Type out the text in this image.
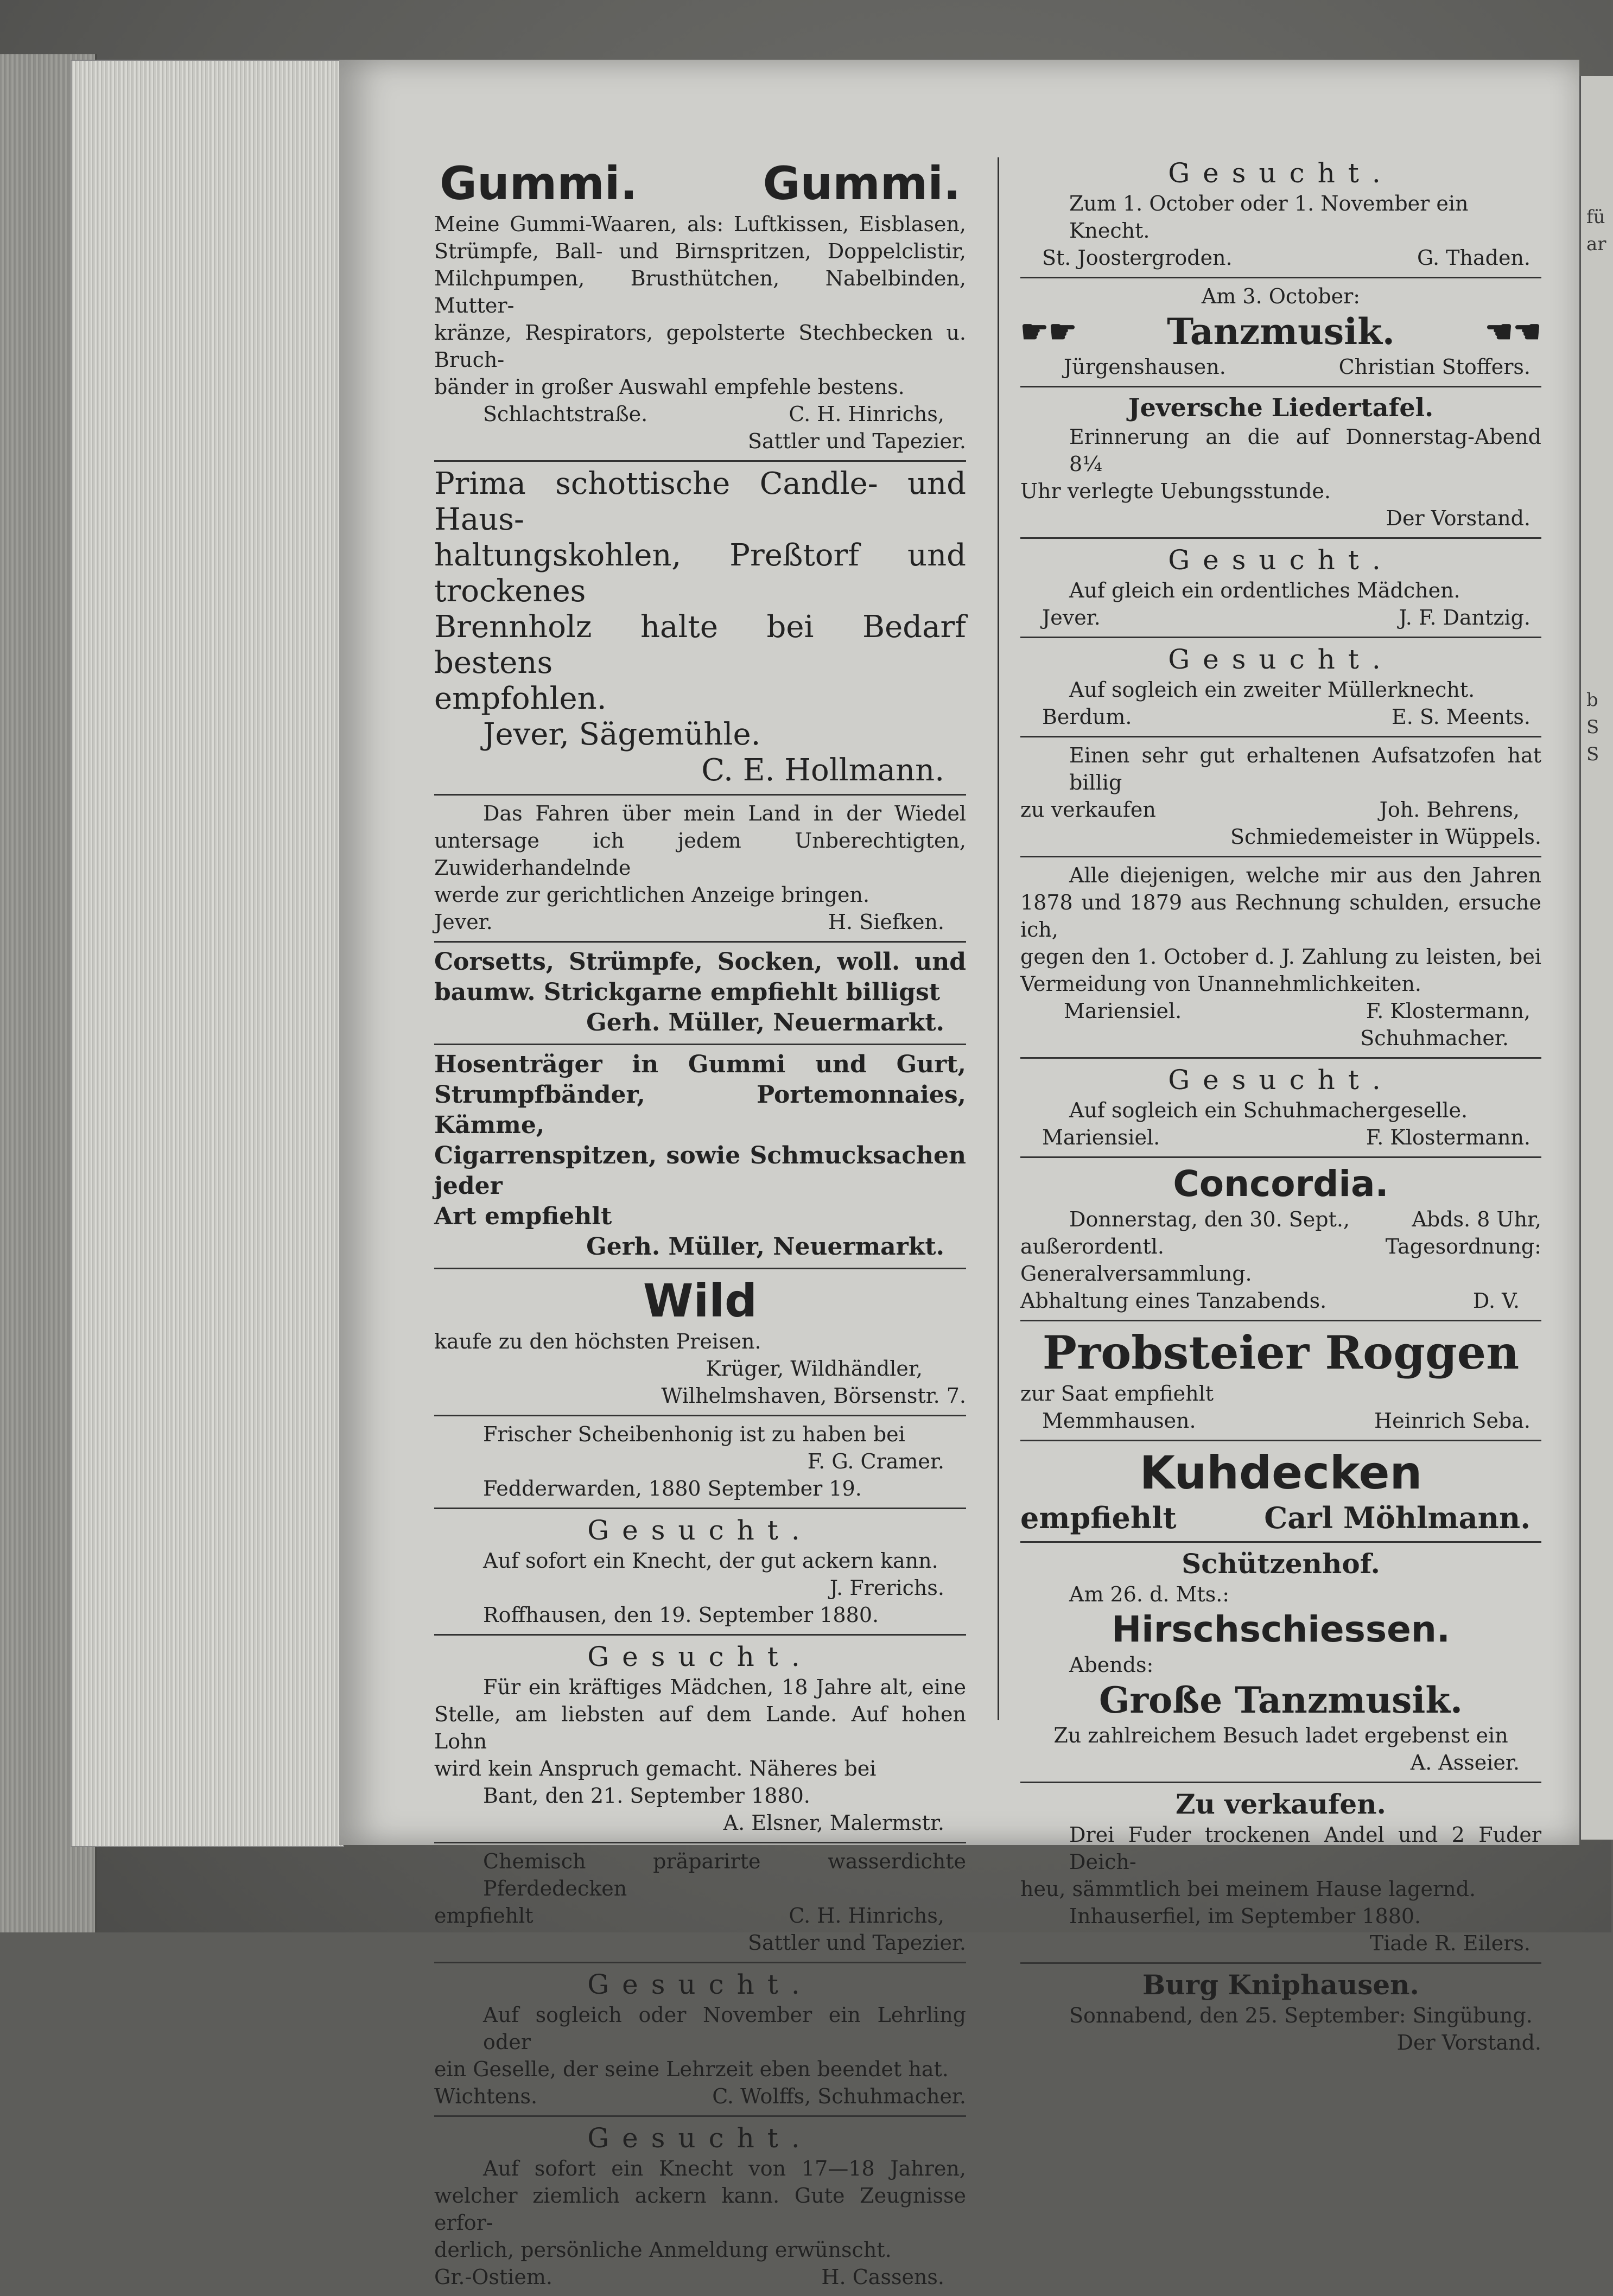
fü
ar
b
S
S
Gummi.	Gummi.
Meine Gummi-Waaren, als: Luftkissen, Eisblasen,
Strümpfe, Ball- und Birnspritzen, Doppelclistir,
Milchpumpen, Brusthütchen, Nabelbinden, Mutter-
kränze, Respirators, gepolsterte Stechbecken u. Bruch-
bänder in großer Auswahl empfehle bestens.
Schlachtstraße.	C. H. Hinrichs,
Sattler und Tapezier.
Prima schottische Candle- und Haus-
haltungskohlen, Preßtorf und trockenes
Brennholz halte bei Bedarf bestens
empfohlen.
Jever, Sägemühle.
C. E. Hollmann.
Das Fahren über mein Land in der Wiedel
untersage ich jedem Unberechtigten, Zuwiderhandelnde
werde zur gerichtlichen Anzeige bringen.
Jever.	H. Siefken.
Corsetts, Strümpfe, Socken, woll. und
baumw. Strickgarne empfiehlt billigst
Gerh. Müller, Neuermarkt.
Hosenträger in Gummi und Gurt,
Strumpfbänder, Portemonnaies, Kämme,
Cigarrenspitzen, sowie Schmucksachen jeder
Art empfiehlt
Gerh. Müller, Neuermarkt.
Wild
kaufe zu den höchsten Preisen.
Krüger, Wildhändler,
Wilhelmshaven, Börsenstr. 7.
Frischer Scheibenhonig ist zu haben bei
F. G. Cramer.
Fedderwarden, 1880 September 19.
Gesucht.
Auf sofort ein Knecht, der gut ackern kann.
J. Frerichs.
Roffhausen, den 19. September 1880.
Gesucht.
Für ein kräftiges Mädchen, 18 Jahre alt, eine
Stelle, am liebsten auf dem Lande. Auf hohen Lohn
wird kein Anspruch gemacht. Näheres bei
Bant, den 21. September 1880.
A. Elsner, Malermstr.
Chemisch präparirte wasserdichte Pferdedecken
empfiehlt	C. H. Hinrichs,
Sattler und Tapezier.
Gesucht.
Auf sogleich oder November ein Lehrling oder
ein Geselle, der seine Lehrzeit eben beendet hat.
Wichtens.	C. Wolffs, Schuhmacher.
Gesucht.
Auf sofort ein Knecht von 17—18 Jahren,
welcher ziemlich ackern kann. Gute Zeugnisse erfor-
derlich, persönliche Anmeldung erwünscht.
Gr.-Ostiem.	H. Cassens.
Gesucht.
Zum 1. October oder 1. November ein Knecht.
St. Joostergroden.	G. Thaden.
Am 3. October:
☛☛	Tanzmusik.	☚☚
Jürgenshausen.	Christian Stoffers.
Jeversche Liedertafel.
Erinnerung an die auf Donnerstag-Abend 8¼
Uhr verlegte Uebungsstunde.
Der Vorstand.
Gesucht.
Auf gleich ein ordentliches Mädchen.
Jever.	J. F. Dantzig.
Gesucht.
Auf sogleich ein zweiter Müllerknecht.
Berdum.	E. S. Meents.
Einen sehr gut erhaltenen Aufsatzofen hat billig
zu verkaufen	Joh. Behrens,
Schmiedemeister in Wüppels.
Alle diejenigen, welche mir aus den Jahren
1878 und 1879 aus Rechnung schulden, ersuche ich,
gegen den 1. October d. J. Zahlung zu leisten, bei
Vermeidung von Unannehmlichkeiten.
Mariensiel.	F. Klostermann,
Schuhmacher.
Gesucht.
Auf sogleich ein Schuhmachergeselle.
Mariensiel.	F. Klostermann.
Concordia.
Donnerstag, den 30. Sept.,	Abds. 8 Uhr,
außerordentl. Generalversammlung.
Tagesordnung:
Abhaltung eines Tanzabends.	D. V.
Probsteier Roggen
zur Saat empfiehlt
Memmhausen.	Heinrich Seba.
Kuhdecken
empfiehlt	Carl Möhlmann.
Schützenhof.
Am 26. d. Mts.:
Hirschschiessen.
Abends:
Große Tanzmusik.
Zu zahlreichem Besuch ladet ergebenst ein
A. Asseier.
Zu verkaufen.
Drei Fuder trockenen Andel und 2 Fuder Deich-
heu, sämmtlich bei meinem Hause lagernd.
Inhauserfiel, im September 1880.
Tiade R. Eilers.
Burg Kniphausen.
Sonnabend, den 25. September: Singübung.
Der Vorstand.
